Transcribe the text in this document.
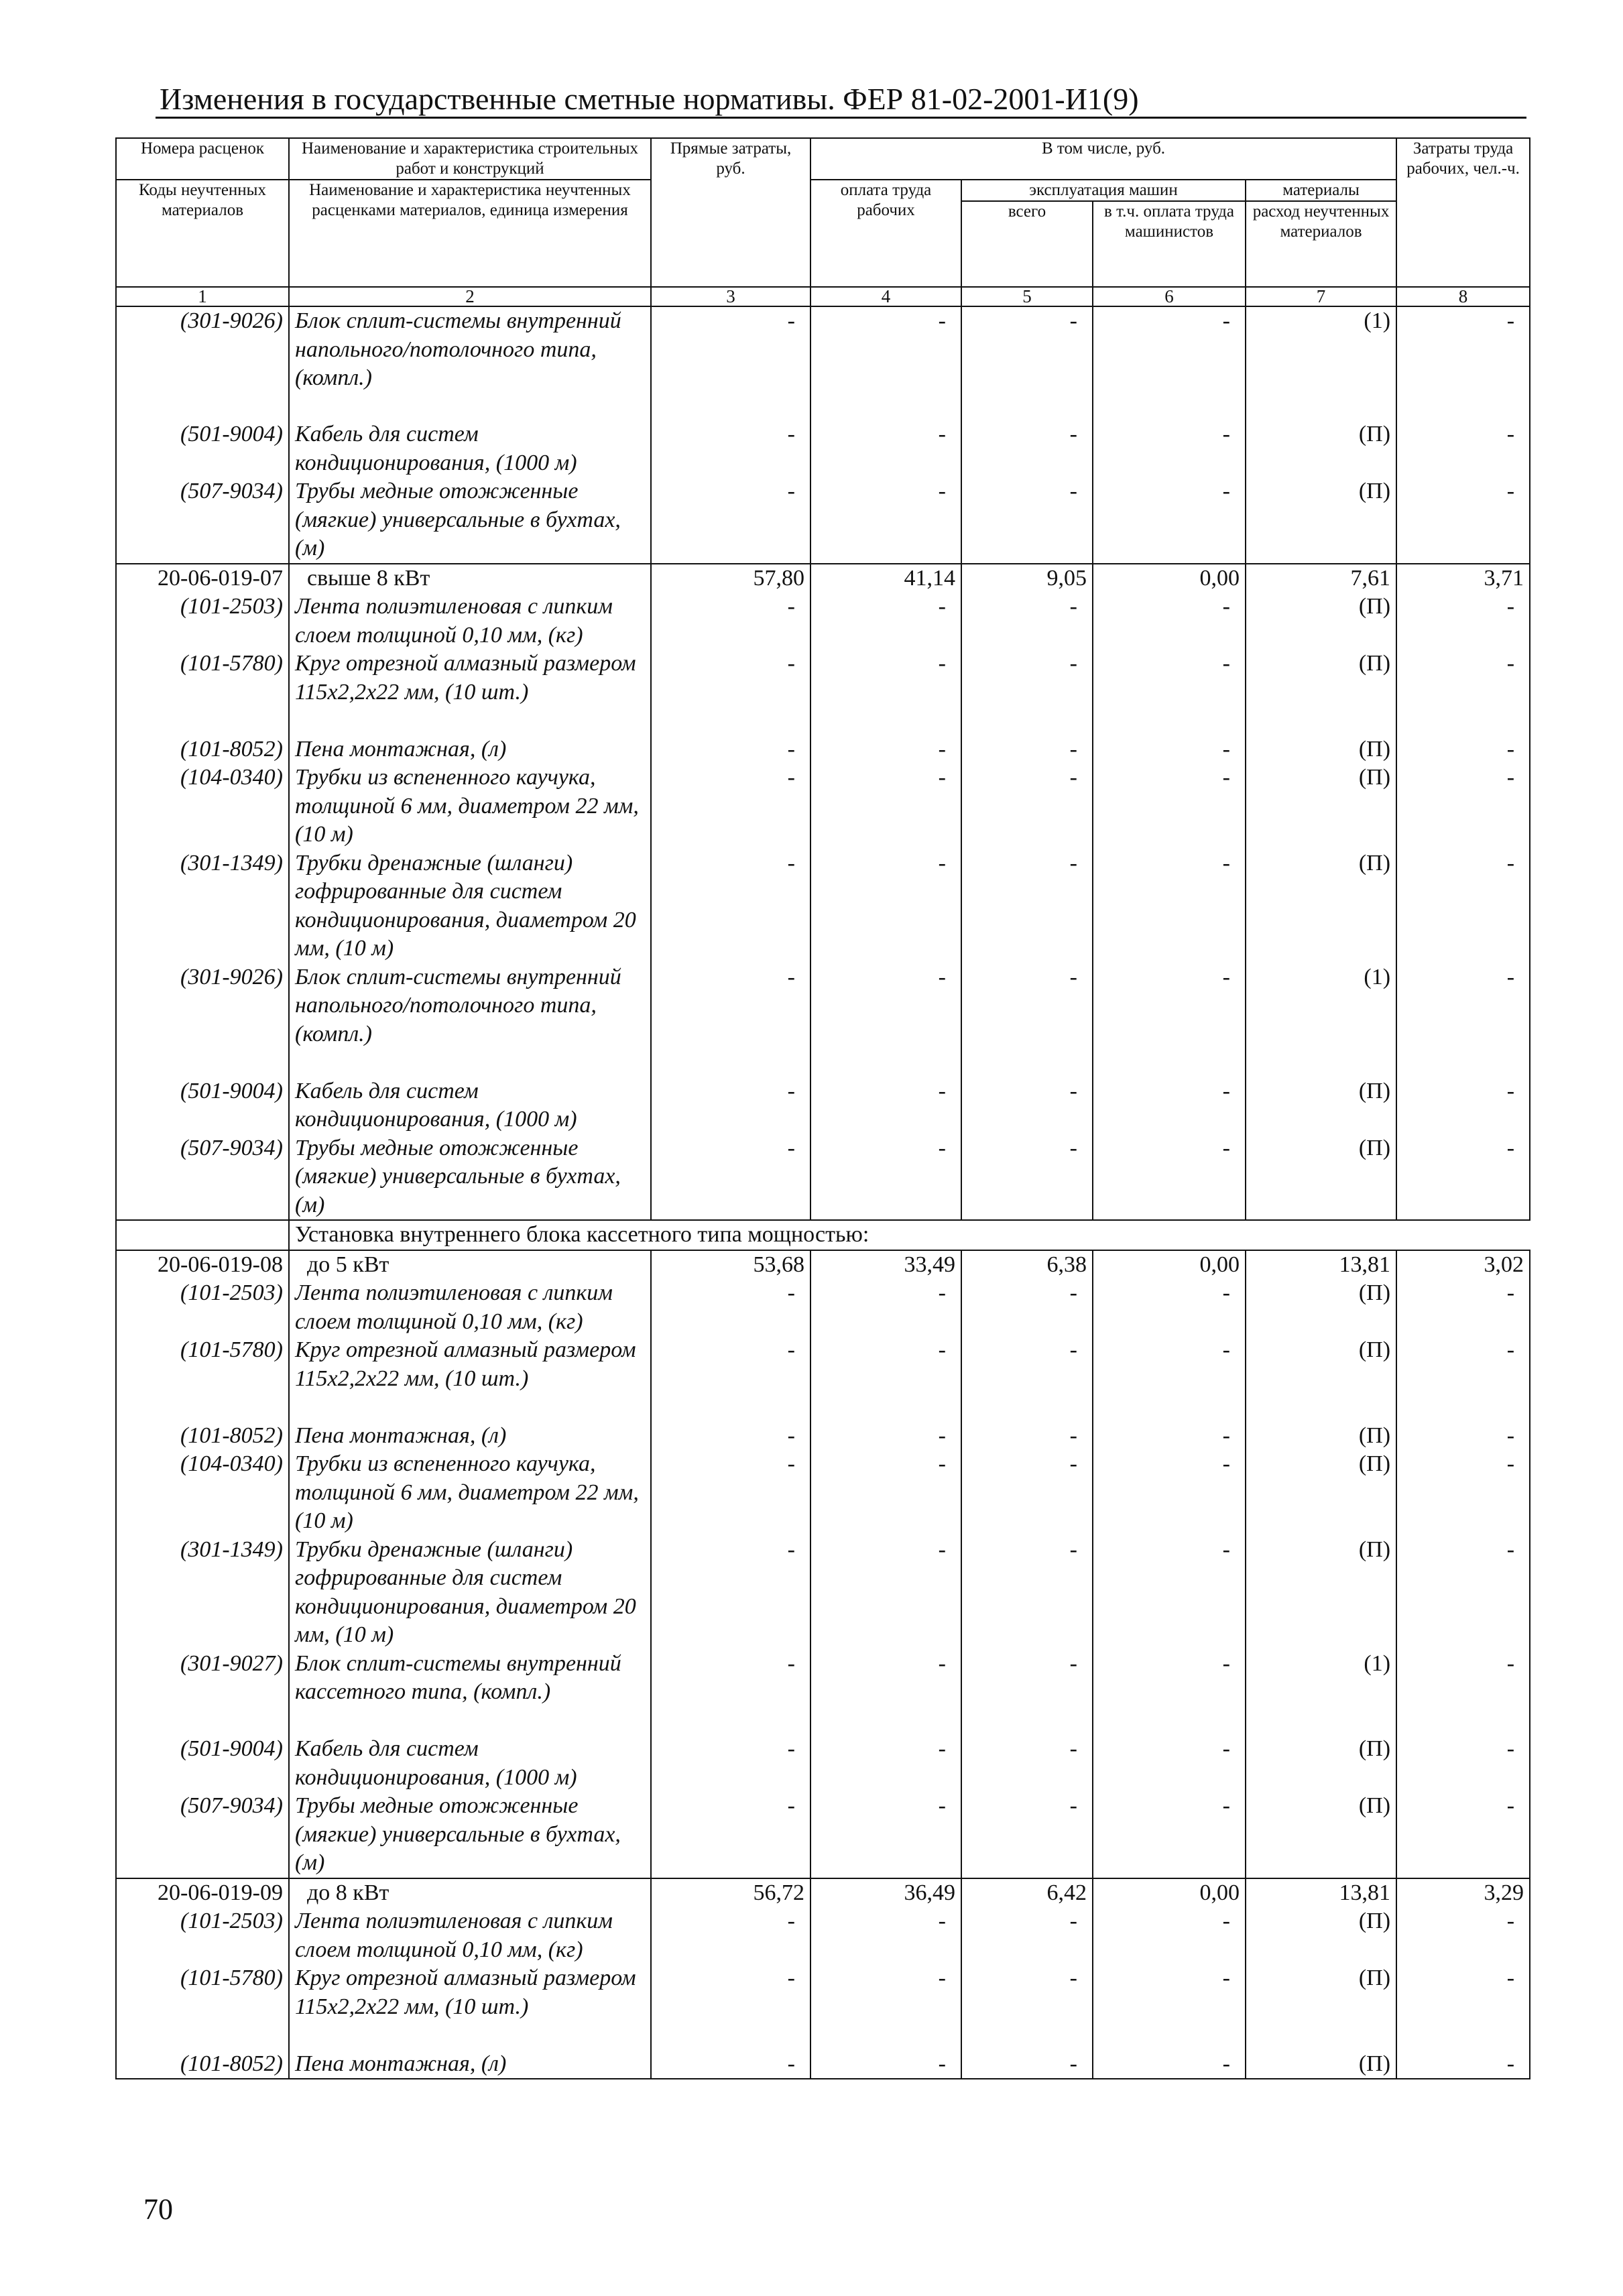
Изменения в государственные сметные нормативы. ФЕР 81-02-2001-И1(9)
Номера расценок	Наименование и характеристика строительных работ и конструкций	Прямые затраты, руб.	В том числе, руб.				Затраты труда рабочих, чел.-ч.
Коды неучтенных материалов	Наименование и характеристика неучтенных расценками материалов, единица измерения		оплата труда рабочих	эксплуатация машин		материалы	
				всего	в т.ч. оплата труда машинистов	расход неучтенных материалов	
1	2	3	4	5	6	7	8
(301-9026)	Блок сплит-системы внутренний напольного/потолочного типа, (компл.)	-	-	-	-	(1)	-
(501-9004)	Кабель для систем кондиционирования, (1000 м)	-	-	-	-	(П)	-
(507-9034)	Трубы медные отожженные (мягкие) универсальные в бухтах, (м)	-	-	-	-	(П)	-
20-06-019-07	свыше 8 кВт	57,80	41,14	9,05	0,00	7,61	3,71
(101-2503)	Лента полиэтиленовая с липким слоем толщиной 0,10 мм, (кг)	-	-	-	-	(П)	-
(101-5780)	Круг отрезной алмазный размером 115х2,2х22 мм, (10 шт.)	-	-	-	-	(П)	-
(101-8052)	Пена монтажная, (л)	-	-	-	-	(П)	-
(104-0340)	Трубки из вспененного каучука, толщиной 6 мм, диаметром 22 мм, (10 м)	-	-	-	-	(П)	-
(301-1349)	Трубки дренажные (шланги) гофрированные для систем кондиционирования, диаметром 20 мм, (10 м)	-	-	-	-	(П)	-
(301-9026)	Блок сплит-системы внутренний напольного/потолочного типа, (компл.)	-	-	-	-	(1)	-
(501-9004)	Кабель для систем кондиционирования, (1000 м)	-	-	-	-	(П)	-
(507-9034)	Трубы медные отожженные (мягкие) универсальные в бухтах, (м)	-	-	-	-	(П)	-
	Установка внутреннего блока кассетного типа мощностью:						
20-06-019-08	до 5 кВт	53,68	33,49	6,38	0,00	13,81	3,02
(101-2503)	Лента полиэтиленовая с липким слоем толщиной 0,10 мм, (кг)	-	-	-	-	(П)	-
(101-5780)	Круг отрезной алмазный размером 115х2,2х22 мм, (10 шт.)	-	-	-	-	(П)	-
(101-8052)	Пена монтажная, (л)	-	-	-	-	(П)	-
(104-0340)	Трубки из вспененного каучука, толщиной 6 мм, диаметром 22 мм, (10 м)	-	-	-	-	(П)	-
(301-1349)	Трубки дренажные (шланги) гофрированные для систем кондиционирования, диаметром 20 мм, (10 м)	-	-	-	-	(П)	-
(301-9027)	Блок сплит-системы внутренний кассетного типа, (компл.)	-	-	-	-	(1)	-
(501-9004)	Кабель для систем кондиционирования, (1000 м)	-	-	-	-	(П)	-
(507-9034)	Трубы медные отожженные (мягкие) универсальные в бухтах, (м)	-	-	-	-	(П)	-
20-06-019-09	до 8 кВт	56,72	36,49	6,42	0,00	13,81	3,29
(101-2503)	Лента полиэтиленовая с липким слоем толщиной 0,10 мм, (кг)	-	-	-	-	(П)	-
(101-5780)	Круг отрезной алмазный размером 115х2,2х22 мм, (10 шт.)	-	-	-	-	(П)	-
(101-8052)	Пена монтажная, (л)	-	-	-	-	(П)	-
70
